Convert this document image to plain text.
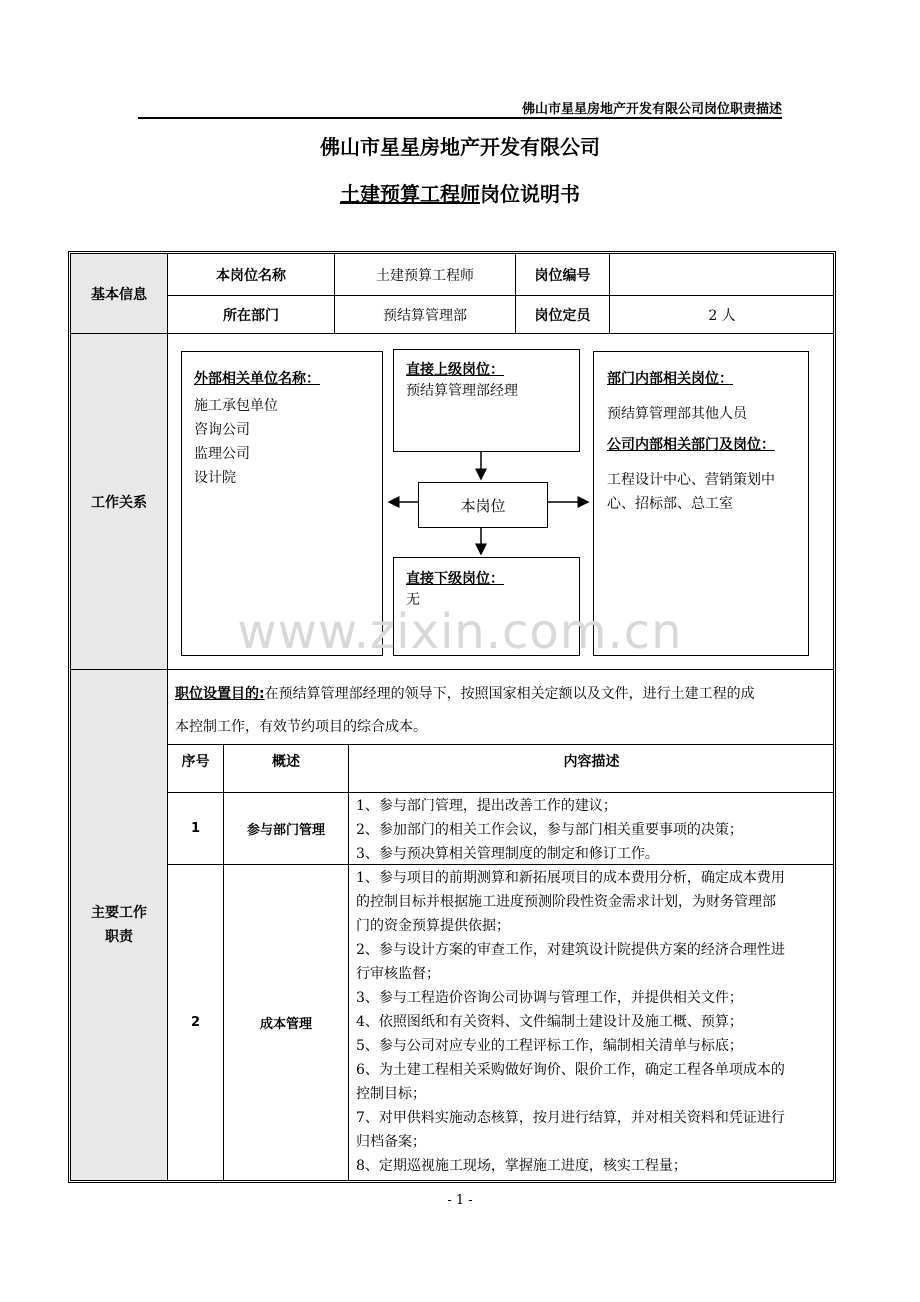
佛山市星星房地产开发有限公司岗位职责描述
佛山市星星房地产开发有限公司
土建预算工程师岗位说明书
基本信息
本岗位名称	土建预算工程师	岗位编号
所在部门	预结算管理部	岗位定员	2 人
工作关系
外部相关单位名称：
施工承包单位
咨询公司
监理公司
设计院
直接上级岗位：
预结算管理部经理
本岗位
直接下级岗位：
无
部门内部相关岗位：
预结算管理部其他人员
公司内部相关部门及岗位：
工程设计中心、营销策划中
心、招标部、总工室
主要工作
职责
职位设置目的:在预结算管理部经理的领导下，按照国家相关定额以及文件，进行土建工程的成
本控制工作，有效节约项目的综合成本。
序号	概述	内容描述
1	参与部门管理
1、参与部门管理，提出改善工作的建议；
2、参加部门的相关工作会议，参与部门相关重要事项的决策；
3、参与预决算相关管理制度的制定和修订工作。
2	成本管理
1、参与项目的前期测算和新拓展项目的成本费用分析，确定成本费用
的控制目标并根据施工进度预测阶段性资金需求计划，为财务管理部
门的资金预算提供依据；
2、参与设计方案的审查工作，对建筑设计院提供方案的经济合理性进
行审核监督；
3、参与工程造价咨询公司协调与管理工作，并提供相关文件；
4、依照图纸和有关资料、文件编制土建设计及施工概、预算；
5、参与公司对应专业的工程评标工作，编制相关清单与标底；
6、为土建工程相关采购做好询价、限价工作，确定工程各单项成本的
控制目标；
7、对甲供料实施动态核算，按月进行结算，并对相关资料和凭证进行
归档备案；
8、定期巡视施工现场，掌握施工进度，核实工程量；
www.zixin.com.cn
- 1 -
